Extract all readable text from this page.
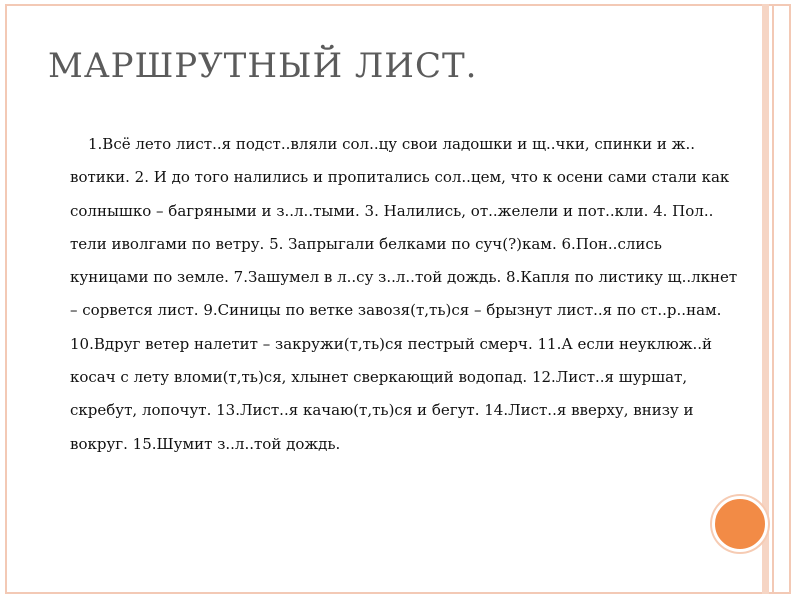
МАРШРУТНЫЙ ЛИСТ.
1.Всё лето лист..я подст..вляли сол..цу свои ладошки и щ..чки, спинки и ж..
вотики. 2. И до того налились и пропитались сол..цем, что к осени сами стали как
солнышко – багряными и з..л..тыми. 3. Налились, от..желели и пот..кли. 4. Пол..
тели иволгами по ветру. 5. Запрыгали белками по суч(?)кам. 6.Пон..слись
куницами по земле. 7.Зашумел в л..су з..л..той дождь. 8.Капля по листику щ..лкнет
– сорвется лист. 9.Синицы по ветке завозя(т,ть)ся – брызнут лист..я по ст..р..нам.
10.Вдруг ветер налетит – закружи(т,ть)ся пестрый смерч. 11.А если неуклюж..й
косач с лету вломи(т,ть)ся, хлынет сверкающий водопад. 12.Лист..я шуршат,
скребут, лопочут. 13.Лист..я качаю(т,ть)ся и бегут. 14.Лист..я вверху, внизу и
вокруг. 15.Шумит з..л..той дождь.
